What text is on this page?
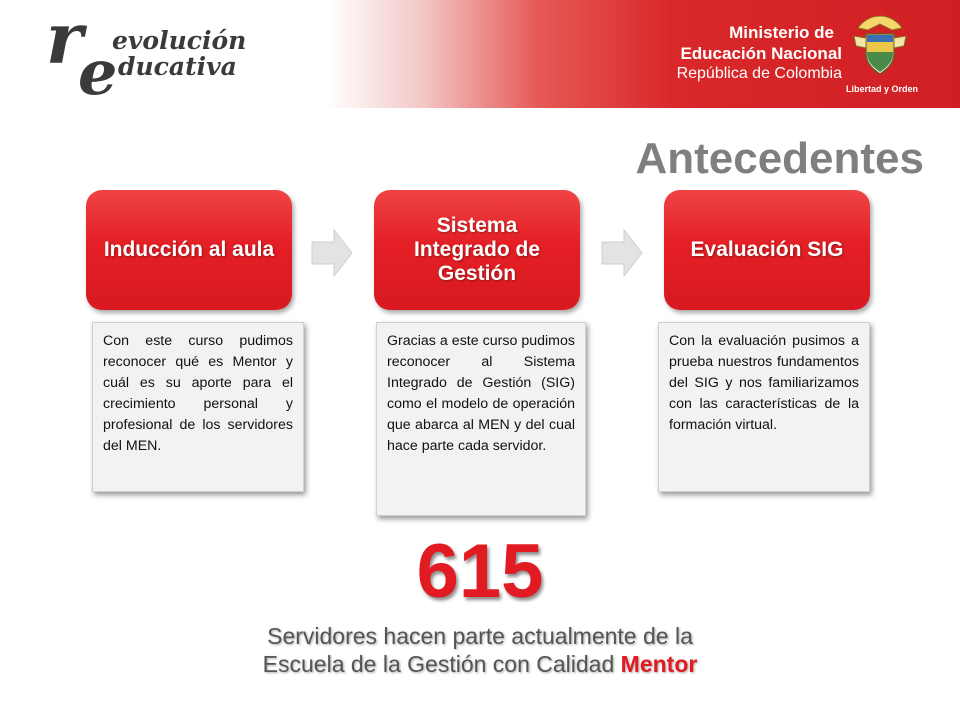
r evolución
e ducativa
Ministerio de
Educación Nacional
República de Colombia
Libertad y Orden
Antecedentes
Inducción al aula
Sistema Integrado de Gestión
Evaluación SIG
Con este curso pudimos reconocer qué es Mentor y cuál es su aporte para el crecimiento personal y profesional de los servidores del MEN.
Gracias a este curso pudimos reconocer al Sistema Integrado de Gestión (SIG) como el modelo de operación que abarca al MEN y del cual hace parte cada servidor.
Con la evaluación pusimos a prueba nuestros fundamentos del SIG y nos familiarizamos con las características de la formación virtual.
615
Servidores hacen parte actualmente de la
Escuela de la Gestión con Calidad Mentor
